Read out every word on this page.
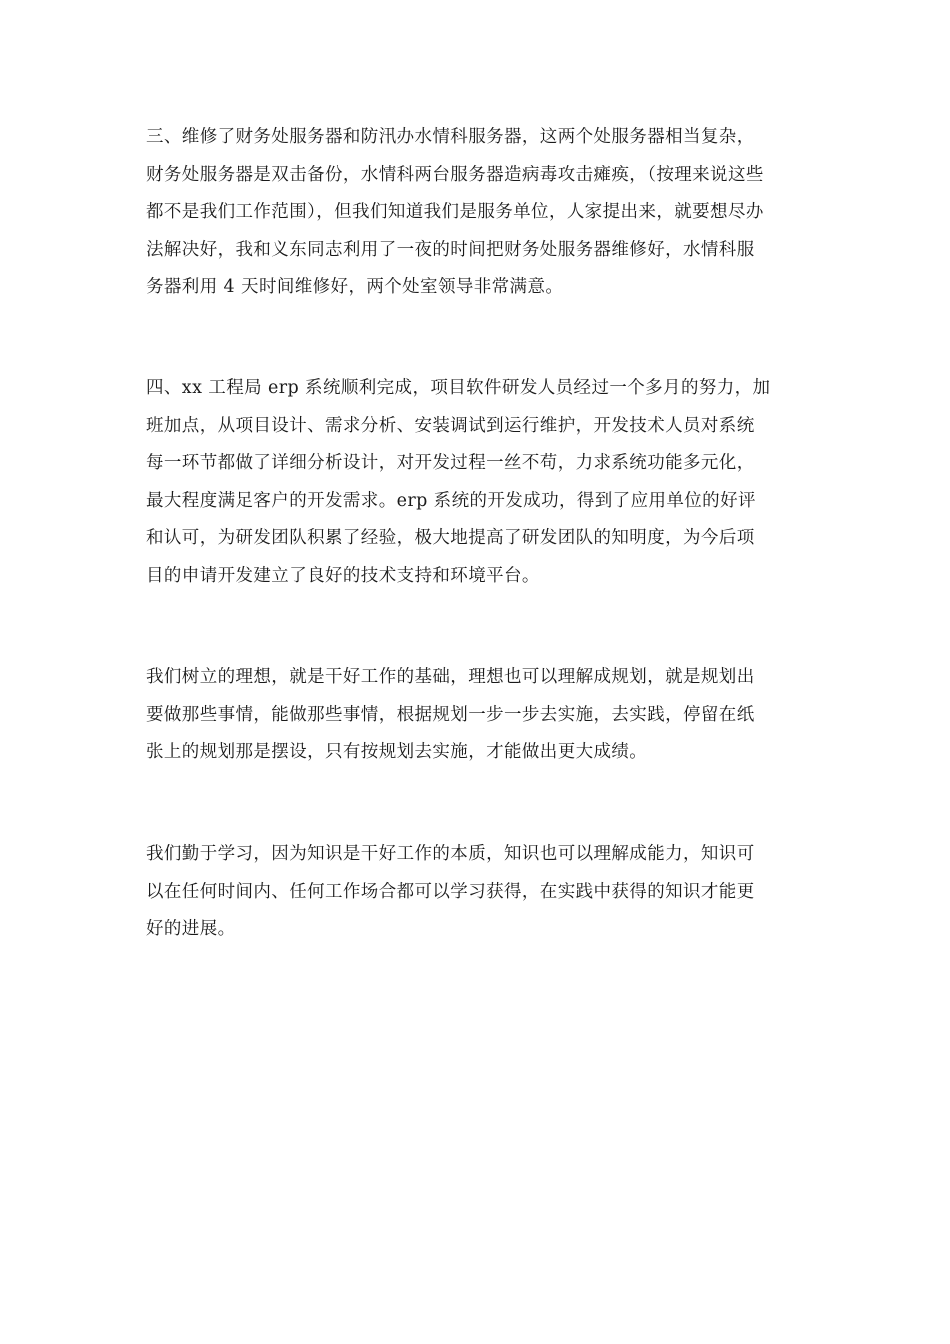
三、维修了财务处服务器和防汛办水情科服务器，这两个处服务器相当复杂，
财务处服务器是双击备份，水情科两台服务器造病毒攻击瘫痪，（按理来说这些
都不是我们工作范围），但我们知道我们是服务单位，人家提出来，就要想尽办
法解决好，我和义东同志利用了一夜的时间把财务处服务器维修好，水情科服
务器利用 4 天时间维修好，两个处室领导非常满意。

四、xx 工程局 erp 系统顺利完成，项目软件研发人员经过一个多月的努力，加
班加点，从项目设计、需求分析、安装调试到运行维护，开发技术人员对系统
每一环节都做了详细分析设计，对开发过程一丝不苟，力求系统功能多元化，
最大程度满足客户的开发需求。erp 系统的开发成功，得到了应用单位的好评
和认可，为研发团队积累了经验，极大地提高了研发团队的知明度，为今后项
目的申请开发建立了良好的技术支持和环境平台。

我们树立的理想，就是干好工作的基础，理想也可以理解成规划，就是规划出
要做那些事情，能做那些事情，根据规划一步一步去实施，去实践，停留在纸
张上的规划那是摆设，只有按规划去实施，才能做出更大成绩。

我们勤于学习，因为知识是干好工作的本质，知识也可以理解成能力，知识可
以在任何时间内、任何工作场合都可以学习获得，在实践中获得的知识才能更
好的进展。
